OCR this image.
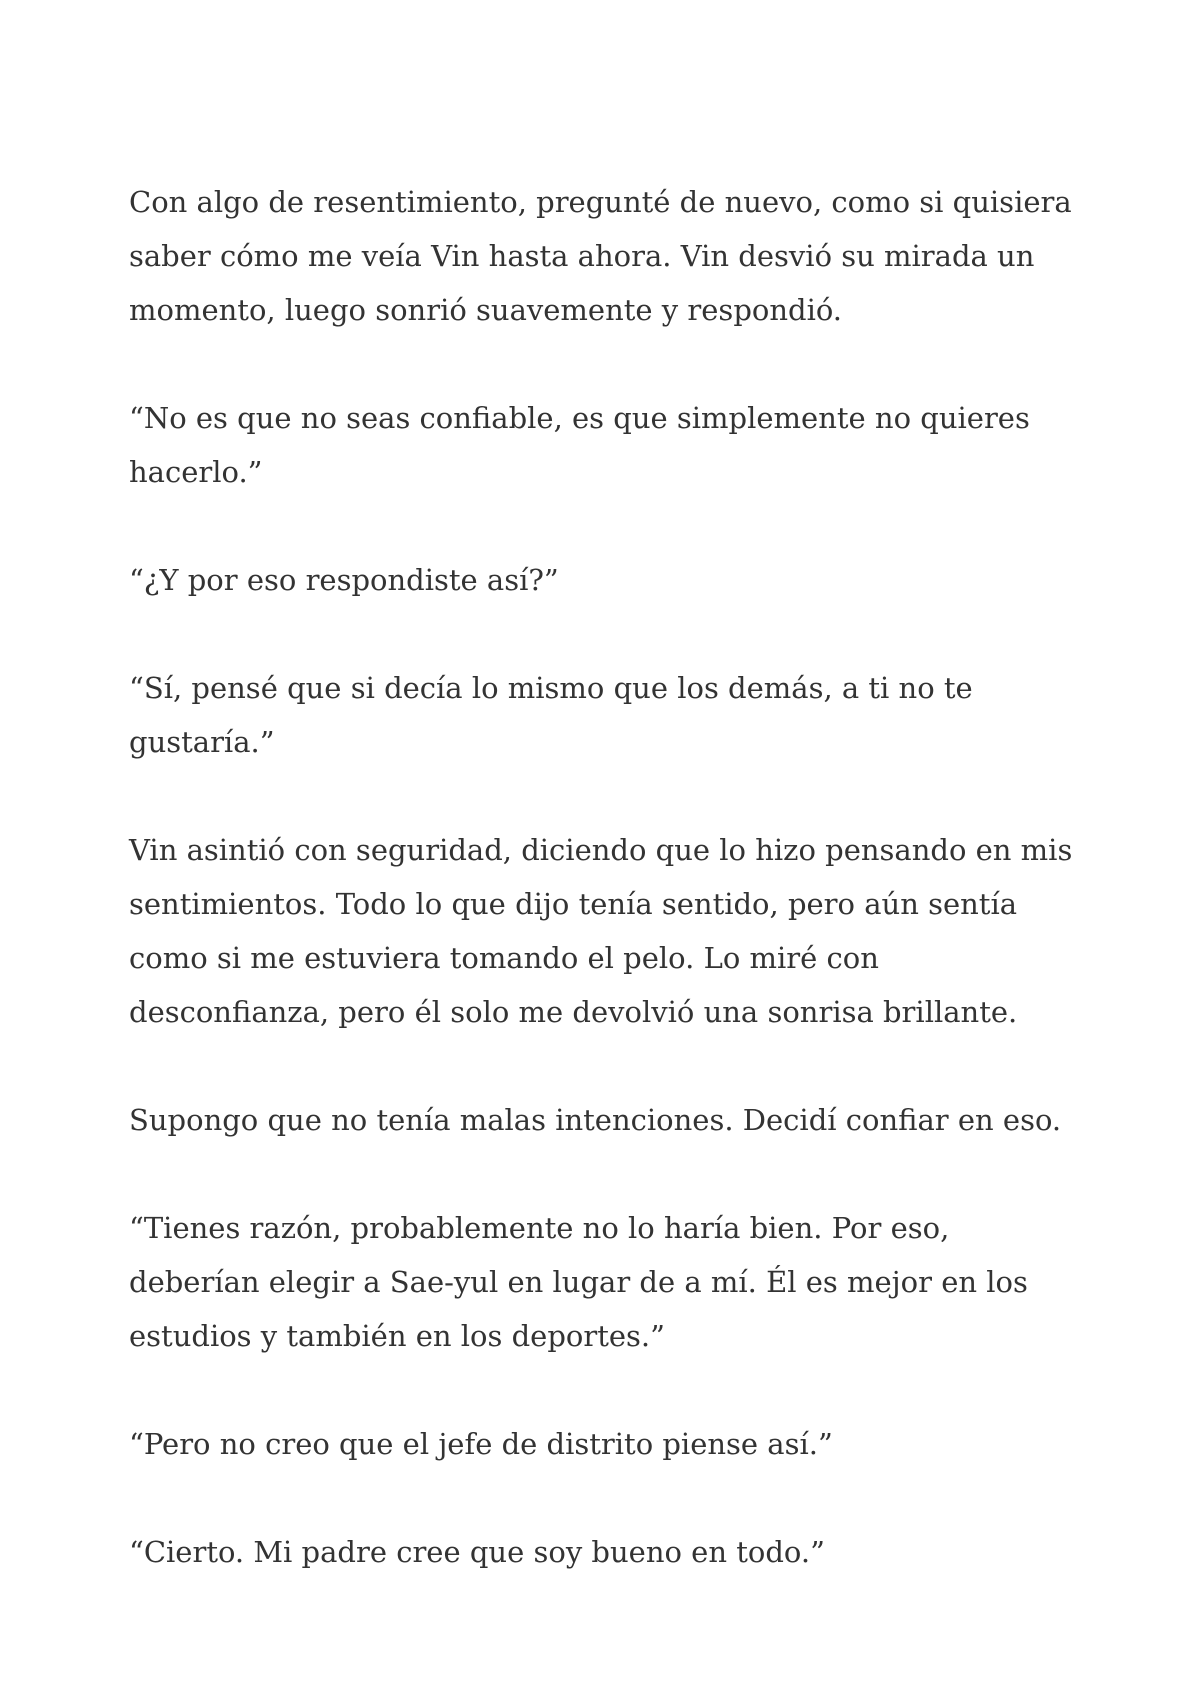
Con algo de resentimiento, pregunté de nuevo, como si quisiera saber cómo me veía Vin hasta ahora. Vin desvió su mirada un momento, luego sonrió suavemente y respondió.

“No es que no seas confiable, es que simplemente no quieres hacerlo.”

“¿Y por eso respondiste así?”

“Sí, pensé que si decía lo mismo que los demás, a ti no te gustaría.”

Vin asintió con seguridad, diciendo que lo hizo pensando en mis sentimientos. Todo lo que dijo tenía sentido, pero aún sentía como si me estuviera tomando el pelo. Lo miré con desconfianza, pero él solo me devolvió una sonrisa brillante.

Supongo que no tenía malas intenciones. Decidí confiar en eso.

“Tienes razón, probablemente no lo haría bien. Por eso, deberían elegir a Sae-yul en lugar de a mí. Él es mejor en los estudios y también en los deportes.”

“Pero no creo que el jefe de distrito piense así.”

“Cierto. Mi padre cree que soy bueno en todo.”
